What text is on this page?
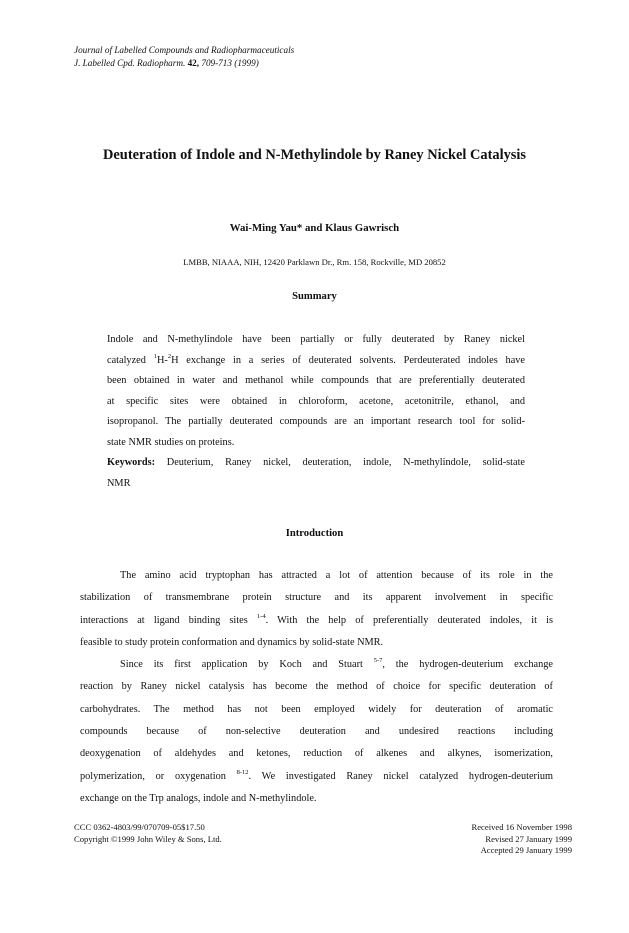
Journal of Labelled Compounds and Radiopharmaceuticals
J. Labelled Cpd. Radiopharm. 42, 709-713 (1999)
Deuteration of Indole and N-Methylindole by Raney Nickel Catalysis
Wai-Ming Yau* and Klaus Gawrisch
LMBB, NIAAA, NIH, 12420 Parklawn Dr., Rm. 158, Rockville, MD 20852
Summary
Indole and N-methylindole have been partially or fully deuterated by Raney nickel
catalyzed $^1$H-$^2$H exchange in a series of deuterated solvents. Perdeuterated indoles have
been obtained in water and methanol while compounds that are preferentially deuterated
at specific sites were obtained in chloroform, acetone, acetonitrile, ethanol, and
isopropanol. The partially deuterated compounds are an important research tool for solid-
state NMR studies on proteins.
Keywords: Deuterium, Raney nickel, deuteration, indole, N-methylindole, solid-state
NMR
Introduction
The amino acid tryptophan has attracted a lot of attention because of its role in the
stabilization of transmembrane protein structure and its apparent involvement in specific
interactions at ligand binding sites $^{1-4}$. With the help of preferentially deuterated indoles, it is
feasible to study protein conformation and dynamics by solid-state NMR.
Since its first application by Koch and Stuart $^{5-7}$, the hydrogen-deuterium exchange
reaction by Raney nickel catalysis has become the method of choice for specific deuteration of
carbohydrates. The method has not been employed widely for deuteration of aromatic
compounds because of non-selective deuteration and undesired reactions including
deoxygenation of aldehydes and ketones, reduction of alkenes and alkynes, isomerization,
polymerization, or oxygenation $^{8-12}$. We investigated Raney nickel catalyzed hydrogen-deuterium
exchange on the Trp analogs, indole and N-methylindole.
CCC 0362-4803/99/070709-05$17.50
Copyright ©1999 John Wiley & Sons, Ltd.
Received 16 November 1998
Revised 27 January 1999
Accepted 29 January 1999
